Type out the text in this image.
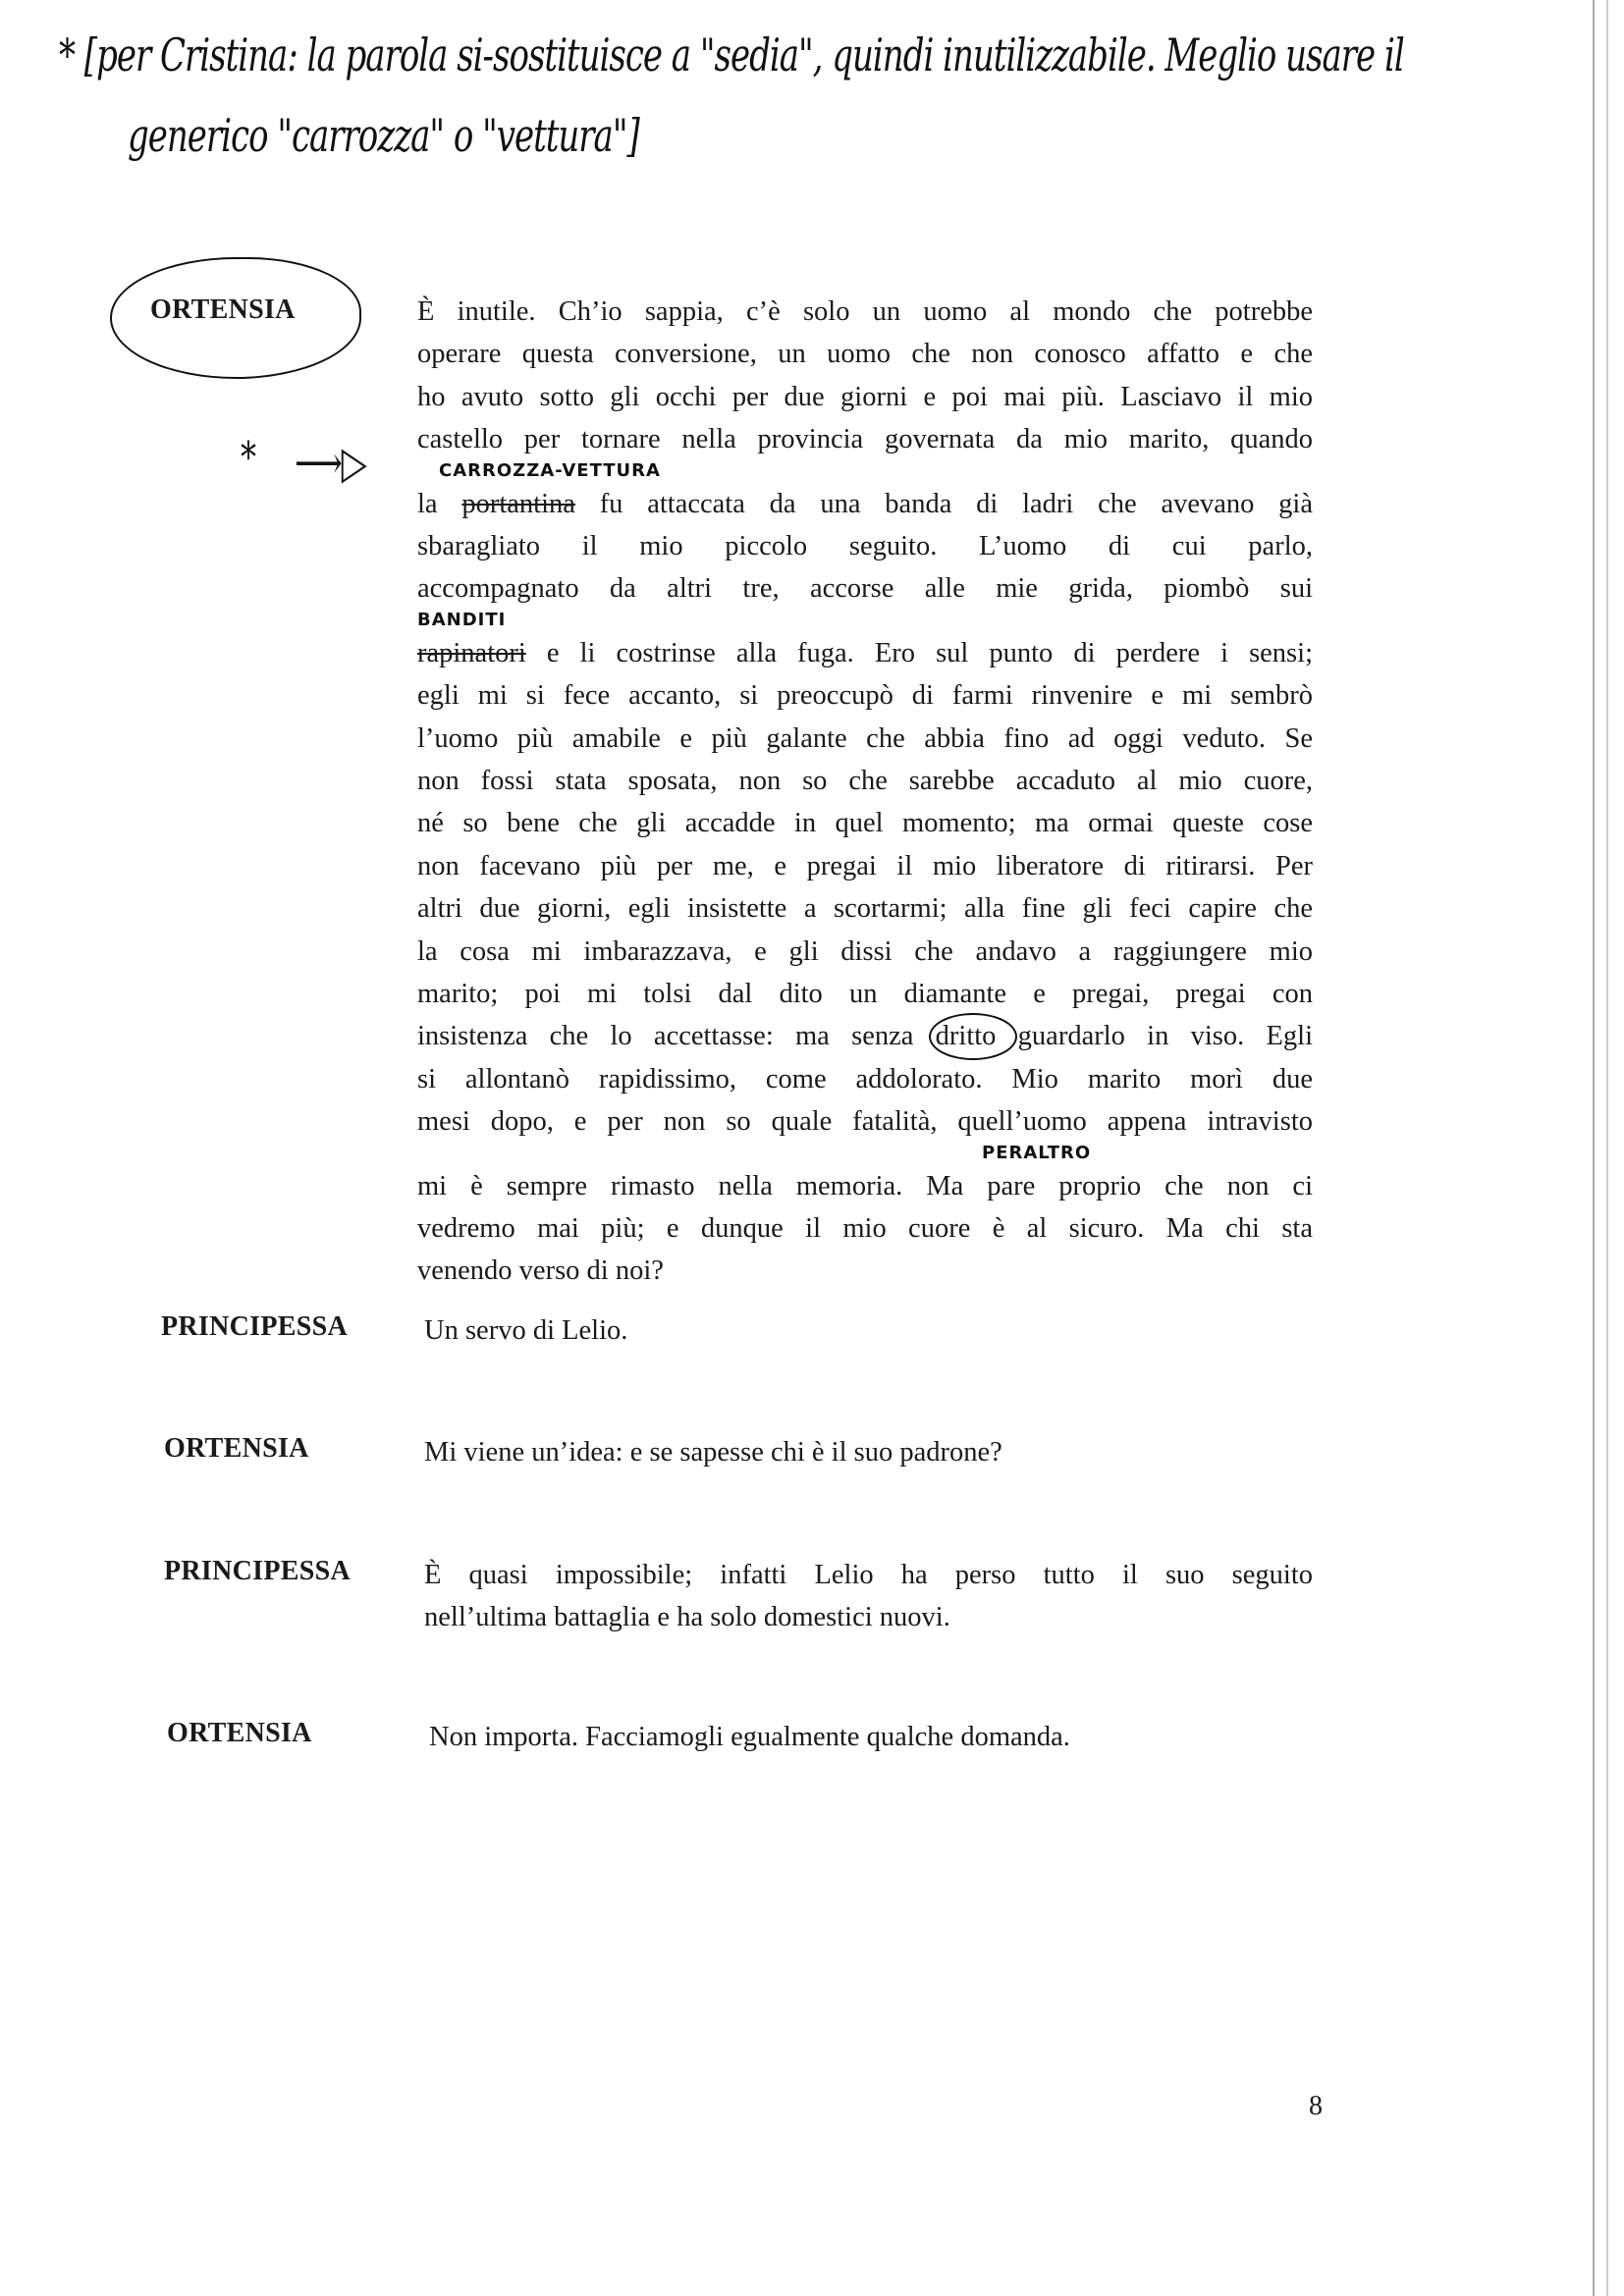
* [per Cristina: la parola si-sostituisce a "sedia", quindi inutilizzabile. Meglio usare il
generico "carrozza" o "vettura"]
* ⟶▷
ORTENSIA	È inutile. Ch’io sappia, c’è solo un uomo al mondo che potrebbe
operare questa conversione, un uomo che non conosco affatto e che
ho avuto sotto gli occhi per due giorni e poi mai più. Lasciavo il mio
castello per tornare nella provincia governata da mio marito, quando
la portantina fu attaccata da una banda di ladri che avevano già
sbaragliato il mio piccolo seguito. L’uomo di cui parlo,
accompagnato da altri tre, accorse alle mie grida, piombò sui
rapinatori e li costrinse alla fuga. Ero sul punto di perdere i sensi;
egli mi si fece accanto, si preoccupò di farmi rinvenire e mi sembrò
l’uomo più amabile e più galante che abbia fino ad oggi veduto. Se
non fossi stata sposata, non so che sarebbe accaduto al mio cuore,
né so bene che gli accadde in quel momento; ma ormai queste cose
non facevano più per me, e pregai il mio liberatore di ritirarsi. Per
altri due giorni, egli insistette a scortarmi; alla fine gli feci capire che
la cosa mi imbarazzava, e gli dissi che andavo a raggiungere mio
marito; poi mi tolsi dal dito un diamante e pregai, pregai con
insistenza che lo accettasse: ma senza dritto guardarlo in viso. Egli
si allontanò rapidissimo, come addolorato. Mio marito morì due
mesi dopo, e per non so quale fatalità, quell’uomo appena intravisto
mi è sempre rimasto nella memoria. Ma pare proprio che non ci
vedremo mai più; e dunque il mio cuore è al sicuro. Ma chi sta
venendo verso di noi?
PRINCIPESSA	Un servo di Lelio.
ORTENSIA	Mi viene un’idea: e se sapesse chi è il suo padrone?
PRINCIPESSA	È quasi impossibile; infatti Lelio ha perso tutto il suo seguito
nell’ultima battaglia e ha solo domestici nuovi.
ORTENSIA	Non importa. Facciamogli egualmente qualche domanda.
CARROZZA-VETTURA
BANDITI
PERALTRO
8
